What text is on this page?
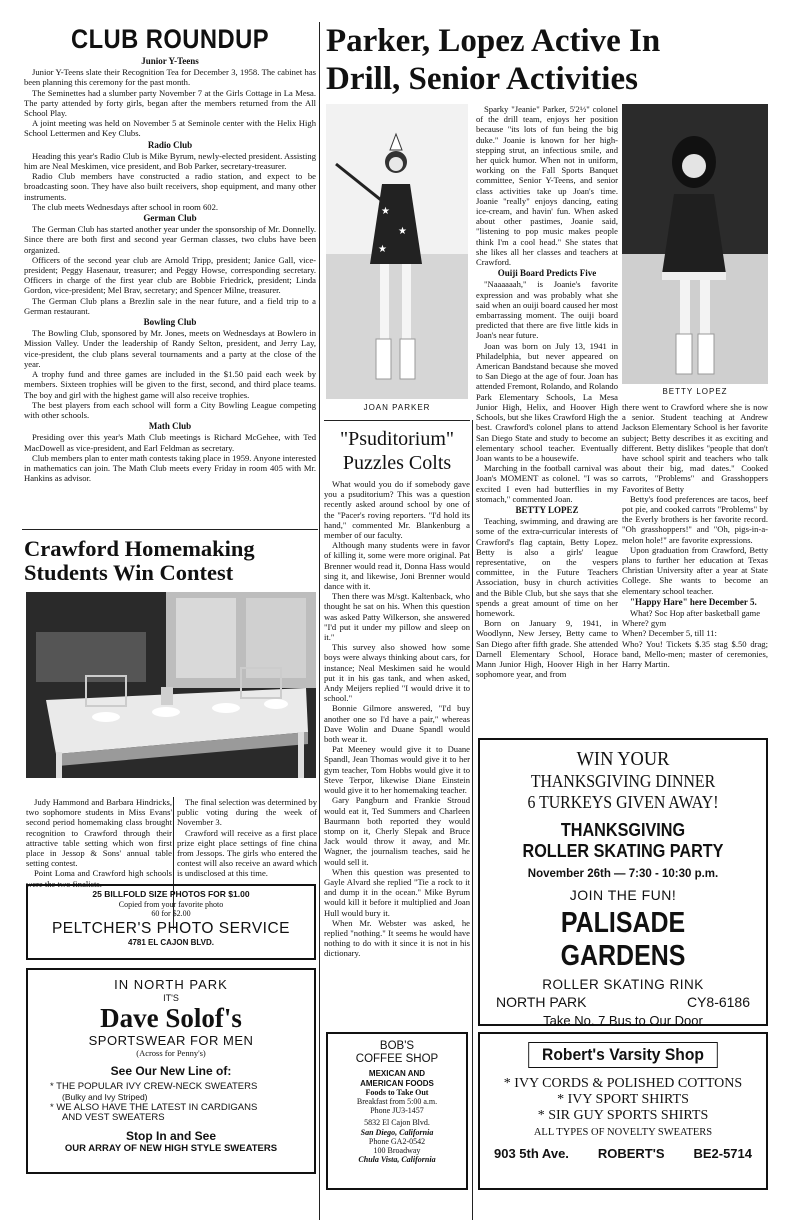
CLUB ROUNDUP
Junior Y-Teens

Junior Y-Teens slate their Recognition Tea for December 3, 1958. The cabinet has been planning this ceremony for the past month.

The Seminettes had a slumber party November 7 at the Girls Cottage in La Mesa. The party attended by forty girls, began after the members returned from the All School Play.

A joint meeting was held on November 5 at Seminole center with the Helix High School Lettermen and Key Clubs.

Radio Club

Heading this year's Radio Club is Mike Byrum, newly-elected president. Assisting him are Neal Meskimen, vice president, and Bob Parker, secretary-treasurer.

Radio Club members have constructed a radio station, and expect to be broadcasting soon. They have also built receivers, shop equipment, and many other instruments.

The club meets Wednesdays after school in room 602.

German Club

The German Club has started another year under the sponsorship of Mr. Donnelly. Since there are both first and second year German classes, two clubs have been organized.

Officers of the second year club are Arnold Tripp, president; Janice Gall, vice-president; Peggy Hasenaur, treasurer; and Peggy Howse, corresponding secretary. Officers in charge of the first year club are Bobbie Friedrick, president; Linda Gordon, vice-president; Mel Brav, secretary; and Spencer Milne, treasurer.

The German Club plans a Brezlin sale in the near future, and a field trip to a German restaurant.

Bowling Club

The Bowling Club, sponsored by Mr. Jones, meets on Wednesdays at Bowlero in Mission Valley. Under the leadership of Randy Selton, president, and Jerry Lay, vice-president, the club plans several tournaments and a party at the close of the year.

A trophy fund and three games are included in the $1.50 paid each week by members. Sixteen trophies will be given to the first, second, and third place teams. The boy and girl with the highest game will also receive trophies.

The best players from each school will form a City Bowling League competing with other schools.

Math Club

Presiding over this year's Math Club meetings is Richard McGehee, with Ted MacDowell as vice-president, and Earl Feldman as secretary.

Club members plan to enter math contests taking place in 1959. Anyone interested in mathematics can join. The Math Club meets every Friday in room 405 with Mr. Hankins as advisor.

Crawford Homemaking
Students Win Contest

Judy Hammond and Barbara Hindricks, two sophomore students in Miss Evans' second period homemaking class brought recognition to Crawford through their attractive table setting which won first place in Jessop & Sons' annual table setting contest.

Point Loma and Crawford high schools were the two finalists.

The final selection was determined by public voting during the week of November 3.

Crawford will receive as a first place prize eight place settings of fine china from Jessops. The girls who entered the contest will also receive an award which is undisclosed at this time.

25 BILLFOLD SIZE PHOTOS FOR $1.00
Copied from your favorite photo
60 for $2.00
PELTCHER'S PHOTO SERVICE
4781 EL CAJON BLVD.
IN NORTH PARK
IT'S
Dave Solof's
SPORTSWEAR FOR MEN
(Across for Penny's)
See Our New Line of:
* THE POPULAR IVY CREW-NECK SWEATERS
(Bulky and Ivy Striped)
* WE ALSO HAVE THE LATEST IN CARDIGANS
AND VEST SWEATERS
Stop In and See
OUR ARRAY OF NEW HIGH STYLE SWEATERS
Parker, Lopez Active In
Drill, Senior Activities
★
★
★
JOAN PARKER
BETTY LOPEZ

Sparky "Jeanie" Parker, 5'2½" colonel of the drill team, enjoys her position because "its lots of fun being the big duke." Joanie is known for her high-stepping strut, an infectious smile, and her quick humor. When not in uniform, working on the Fall Sports Banquet committee, Senior Y-Teens, and senior class activities take up Joan's time. Joanie "really" enjoys dancing, eating ice-cream, and havin' fun. When asked about other pastimes, Joanie said, "listening to pop music makes people think I'm a cool head." She states that she likes all her classes and teachers at Crawford.

Ouiji Board Predicts Five

"Naaaaaah," is Joanie's favorite expression and was probably what she said when an ouiji board caused her most embarrassing moment. The ouiji board predicted that there are five little kids in Joan's near future.

Joan was born on July 13, 1941 in Philadelphia, but never appeared on American Bandstand because she moved to San Diego at the age of four. Joan has attended Fremont, Rolando, and Rolando Park Elementary Schools, La Mesa Junior High, Helix, and Hoover High Schools, but she likes Crawford High the best. Crawford's colonel plans to attend San Diego State and study to become an elementary school teacher. Eventually Joan wants to be a housewife.

Marching in the football carnival was Joan's MOMENT as colonel. "I was so excited I even had butterflies in my stomach," commented Joan.

BETTY LOPEZ

Teaching, swimming, and drawing are some of the extra-curricular interests of Crawford's flag captain, Betty Lopez. Betty is also a girls' league representative, on the vespers committee, in the Future Teachers Association, busy in church activities and the Bible Club, but she says that she spends a great amount of time on her homework.

Born on January 9, 1941, in Woodlynn, New Jersey, Betty came to San Diego after fifth grade. She attended Darnell Elementary School, Horace Mann Junior High, Hoover High in her sophomore year, and from

there went to Crawford where she is now a senior. Student teaching at Andrew Jackson Elementary School is her favorite subject; Betty describes it as exciting and different. Betty dislikes "people that don't have school spirit and teachers who talk about their big, mad dates." Cooked carrots, "Problems" and Grasshoppers Favorites of Betty

Betty's food preferences are tacos, beef pot pie, and cooked carrots "Problems" by the Everly brothers is her favorite record. "Oh grasshoppers!" and "Oh, pigs-in-a-melon hole!" are favorite expressions.

Upon graduation from Crawford, Betty plans to further her education at Texas Christian University after a year at State College. She wants to become an elementary school teacher.

"Happy Hare" here December 5.

What? Soc Hop after basketball game
Where? gym
When? December 5, till 11:
Who? You! Tickets $.35 stag $.50 drag; band, Mello-men; master of ceremonies, Harry Martin.

"Psuditorium"
Puzzles Colts

What would you do if somebody gave you a psuditorium? This was a question recently asked around school by one of the "Pacer's roving reporters. "I'd hold its hand," commented Mr. Blankenburg a member of our faculty.

Although many students were in favor of killing it, some were more original. Pat Brenner would read it, Donna Hass would sing it, and likewise, Joni Brenner would dance with it.

Then there was M/sgt. Kaltenback, who thought he sat on his. When this question was asked Patty Wilkerson, she answered "I'd put it under my pillow and sleep on it."

This survey also showed how some boys were always thinking about cars, for instance; Neal Meskimen said he would put it in his gas tank, and when asked, Andy Meijers replied "I would drive it to school."

Bonnie Gilmore answered, "I'd buy another one so I'd have a pair," whereas Dave Wolin and Duane Spandl would both wear it.

Pat Meeney would give it to Duane Spandl, Jean Thomas would give it to her gym teacher, Tom Hobbs would give it to Steve Terpor, likewise Diane Einstein would give it to her homemaking teacher.

Gary Pangburn and Frankie Stroud would eat it, Ted Summers and Charleen Baurmann both reported they would stomp on it, Cherly Slepak and Bruce Jack would throw it away, and Mr. Wagner, the journalism teaches, said he would sell it.

When this question was presented to Gayle Alvard she replied "Tie a rock to it and dump it in the ocean." Mike Byrum would kill it before it multiplied and Joan Hull would bury it.

When Mr. Webster was asked, he replied "nothing." It seems he would have nothing to do with it since it is not in his dictionary.

BOB'S
COFFEE SHOP
MEXICAN AND
AMERICAN FOODS
Foods to Take Out
Breakfast from 5:00 a.m.
Phone JU3-1457
5832 El Cajon Blvd.
San Diego, California
Phone GA2-0542
100 Broadway
Chula Vista, California
WIN YOUR
THANKSGIVING DINNER
6 TURKEYS GIVEN AWAY!
THANKSGIVING
ROLLER SKATING PARTY
November 26th — 7:30 - 10:30 p.m.
JOIN THE FUN!
PALISADE GARDENS
ROLLER SKATING RINK
NORTH PARK	CY8-6186
Take No. 7 Bus to Our Door
Robert's Varsity Shop
* IVY CORDS & POLISHED COTTONS
* IVY SPORT SHIRTS
* SIR GUY SPORTS SHIRTS
ALL TYPES OF NOVELTY SWEATERS
903 5th Ave. ROBERT'S BE2-5714
